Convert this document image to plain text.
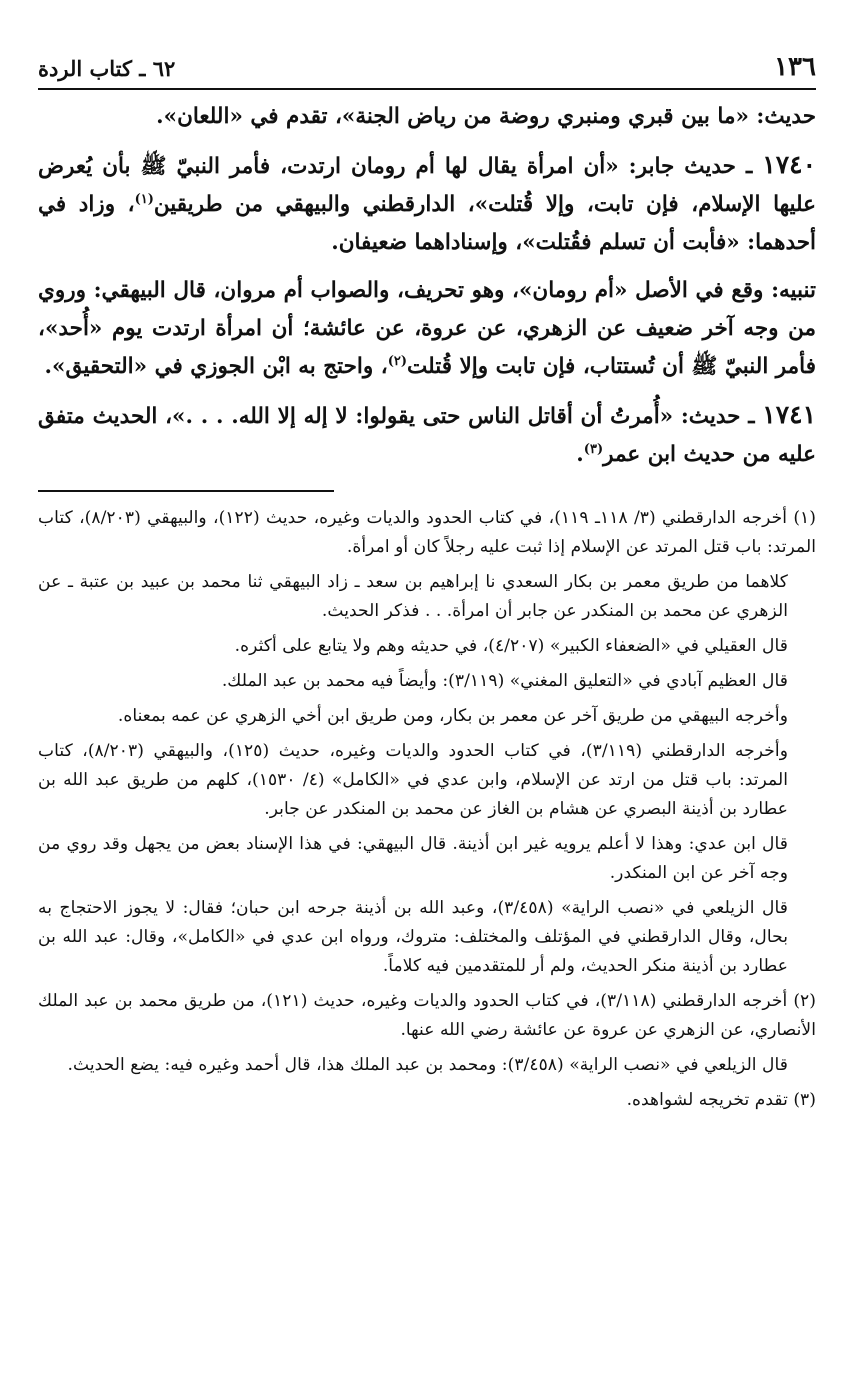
١٣٦
٦٢ ـ كتاب الردة

حديث: «ما بين قبري ومنبري روضة من رياض الجنة»، تقدم في «اللعان».

١٧٤٠ ـ حديث جابر: «أن امرأة يقال لها أم رومان ارتدت، فأمر النبيّ ﷺ بأن يُعرض عليها الإسلام، فإن تابت، وإلا قُتلت»، الدارقطني والبيهقي من طريقين$^{(١)}$، وزاد في أحدهما: «فأبت أن تسلم فقُتلت»، وإسناداهما ضعيفان.

تنبيه: وقع في الأصل «أم رومان»، وهو تحريف، والصواب أم مروان، قال البيهقي: وروي من وجه آخر ضعيف عن الزهري، عن عروة، عن عائشة؛ أن امرأة ارتدت يوم «أُحد»، فأمر النبيّ ﷺ أن تُستتاب، فإن تابت وإلا قُتلت$^{(٢)}$، واحتج به ابْن الجوزي في «التحقيق».

١٧٤١ ـ حديث: «أُمرتُ أن أقاتل الناس حتى يقولوا: لا إله إلا الله. . . .»، الحديث متفق عليه من حديث ابن عمر$^{(٣)}$.

(١) أخرجه الدارقطني (٣/ ١١٨ـ ١١٩)، في كتاب الحدود والديات وغيره، حديث (١٢٢)، والبيهقي (٨/٢٠٣)، كتاب المرتد: باب قتل المرتد عن الإسلام إذا ثبت عليه رجلاً كان أو امرأة.

كلاهما من طريق معمر بن بكار السعدي نا إبراهيم بن سعد ـ زاد البيهقي ثنا محمد بن عبيد بن عتبة ـ عن الزهري عن محمد بن المنكدر عن جابر أن امرأة. . . فذكر الحديث.

قال العقيلي في «الضعفاء الكبير» (٤/٢٠٧)، في حديثه وهم ولا يتابع على أكثره.

قال العظيم آبادي في «التعليق المغني» (٣/١١٩): وأيضاً فيه محمد بن عبد الملك.

وأخرجه البيهقي من طريق آخر عن معمر بن بكار، ومن طريق ابن أخي الزهري عن عمه بمعناه.

وأخرجه الدارقطني (٣/١١٩)، في كتاب الحدود والديات وغيره، حديث (١٢٥)، والبيهقي (٨/٢٠٣)، كتاب المرتد: باب قتل من ارتد عن الإسلام، وابن عدي في «الكامل» (٤/ ١٥٣٠)، كلهم من طريق عبد الله بن عطارد بن أذينة البصري عن هشام بن الغاز عن محمد بن المنكدر عن جابر.

قال ابن عدي: وهذا لا أعلم يرويه غير ابن أذينة. قال البيهقي: في هذا الإسناد بعض من يجهل وقد روي من وجه آخر عن ابن المنكدر.

قال الزيلعي في «نصب الراية» (٣/٤٥٨)، وعبد الله بن أذينة جرحه ابن حبان؛ فقال: لا يجوز الاحتجاج به بحال، وقال الدارقطني في المؤتلف والمختلف: متروك، ورواه ابن عدي في «الكامل»، وقال: عبد الله بن عطارد بن أذينة منكر الحديث، ولم أر للمتقدمين فيه كلاماً.

(٢) أخرجه الدارقطني (٣/١١٨)، في كتاب الحدود والديات وغيره، حديث (١٢١)، من طريق محمد بن عبد الملك الأنصاري، عن الزهري عن عروة عن عائشة رضي الله عنها.

قال الزيلعي في «نصب الراية» (٣/٤٥٨): ومحمد بن عبد الملك هذا، قال أحمد وغيره فيه: يضع الحديث.

(٣) تقدم تخريجه لشواهده.
